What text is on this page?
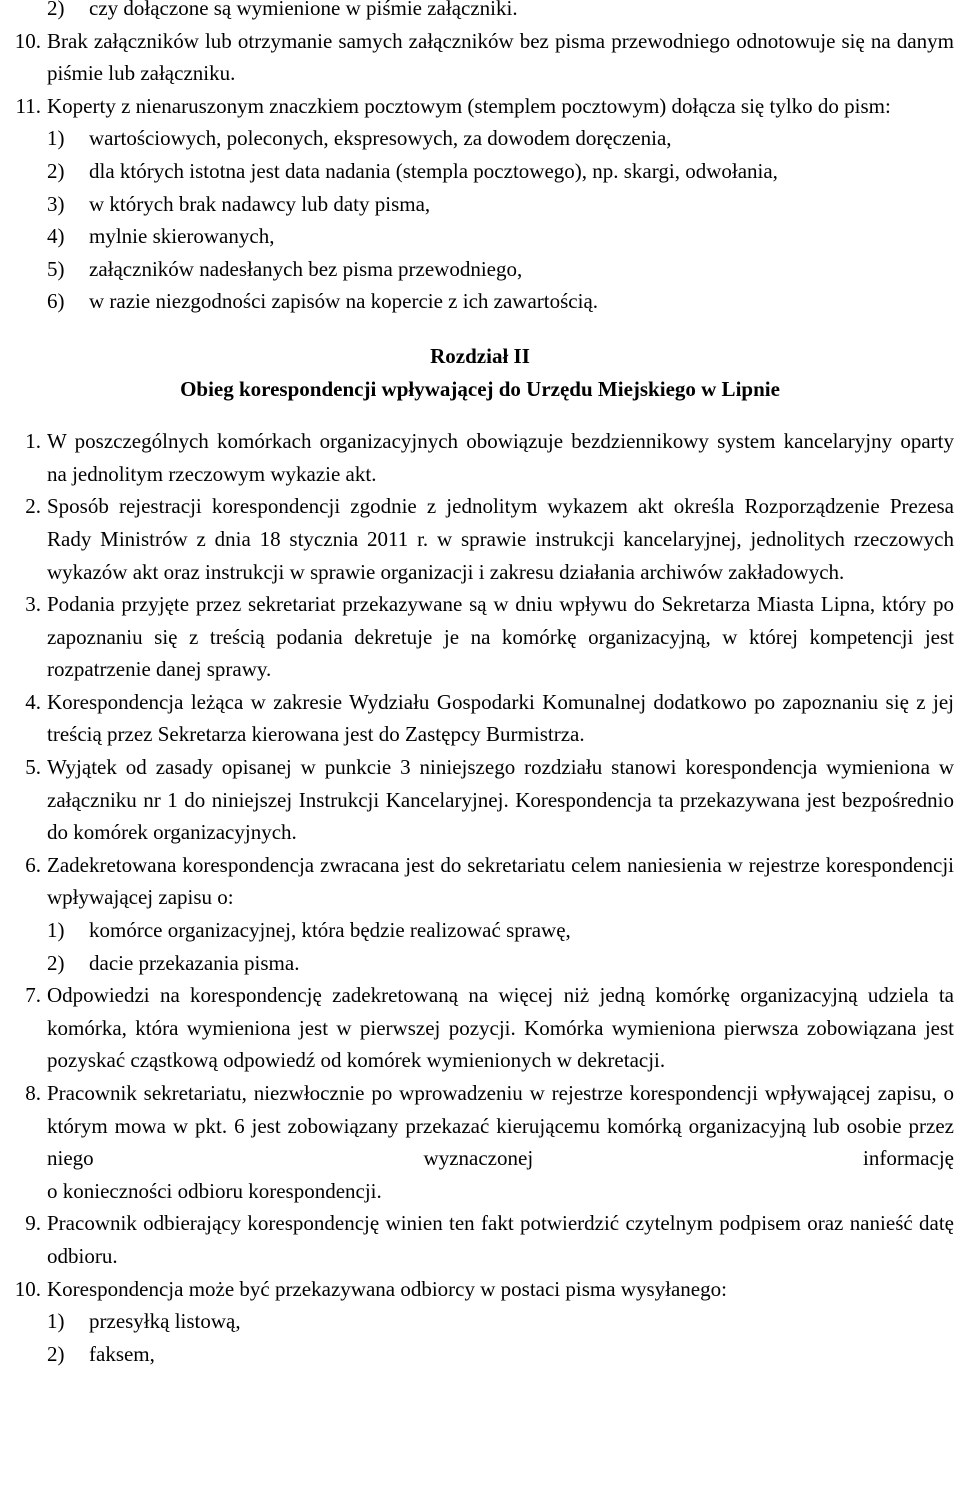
2)	czy dołączone są wymienione w piśmie załączniki.
10. Brak załączników lub otrzymanie samych załączników bez pisma przewodniego odnotowuje się na danym piśmie lub załączniku.
11. Koperty z nienaruszonym znaczkiem pocztowym (stemplem pocztowym) dołącza się tylko do pism:
1)	wartościowych, poleconych, ekspresowych, za dowodem doręczenia,
2)	dla których istotna jest data nadania (stempla pocztowego), np. skargi, odwołania,
3)	w których brak nadawcy lub daty pisma,
4)	mylnie skierowanych,
5)	załączników nadesłanych bez pisma przewodniego,
6)	w razie niezgodności zapisów na kopercie z ich zawartością.
Rozdział II
Obieg korespondencji wpływającej do Urzędu Miejskiego w Lipnie
1. W poszczególnych komórkach organizacyjnych obowiązuje bezdziennikowy system kancelaryjny oparty na jednolitym rzeczowym wykazie akt.
2. Sposób rejestracji korespondencji zgodnie z jednolitym wykazem akt określa Rozporządzenie Prezesa Rady Ministrów z dnia 18 stycznia 2011 r. w sprawie instrukcji kancelaryjnej, jednolitych rzeczowych wykazów akt oraz instrukcji w sprawie organizacji i zakresu działania archiwów zakładowych.
3. Podania przyjęte przez sekretariat przekazywane są w dniu wpływu do Sekretarza Miasta Lipna, który po zapoznaniu się z treścią podania dekretuje je na komórkę organizacyjną, w której kompetencji jest rozpatrzenie danej sprawy.
4. Korespondencja leżąca w zakresie Wydziału Gospodarki Komunalnej dodatkowo po zapoznaniu się z jej treścią przez Sekretarza kierowana jest do Zastępcy Burmistrza.
5. Wyjątek od zasady opisanej w punkcie 3 niniejszego rozdziału stanowi korespondencja wymieniona w załączniku nr 1 do niniejszej Instrukcji Kancelaryjnej. Korespondencja ta przekazywana jest bezpośrednio do komórek organizacyjnych.
6. Zadekretowana korespondencja zwracana jest do sekretariatu celem naniesienia w rejestrze korespondencji wpływającej zapisu o:
1)	komórce organizacyjnej, która będzie realizować sprawę,
2)	dacie przekazania pisma.
7. Odpowiedzi na korespondencję zadekretowaną na więcej niż jedną komórkę organizacyjną udziela ta komórka, która wymieniona jest w pierwszej pozycji. Komórka wymieniona pierwsza zobowiązana jest pozyskać cząstkową odpowiedź od komórek wymienionych w dekretacji.
8. Pracownik sekretariatu, niezwłocznie po wprowadzeniu w rejestrze korespondencji wpływającej zapisu, o którym mowa w pkt. 6 jest zobowiązany przekazać kierującemu komórką organizacyjną lub osobie przez niego wyznaczonej informację
o konieczności odbioru korespondencji.
9. Pracownik odbierający korespondencję winien ten fakt potwierdzić czytelnym podpisem oraz nanieść datę odbioru.
10. Korespondencja może być przekazywana odbiorcy w postaci pisma wysyłanego:
1)	przesyłką listową,
2)	faksem,
